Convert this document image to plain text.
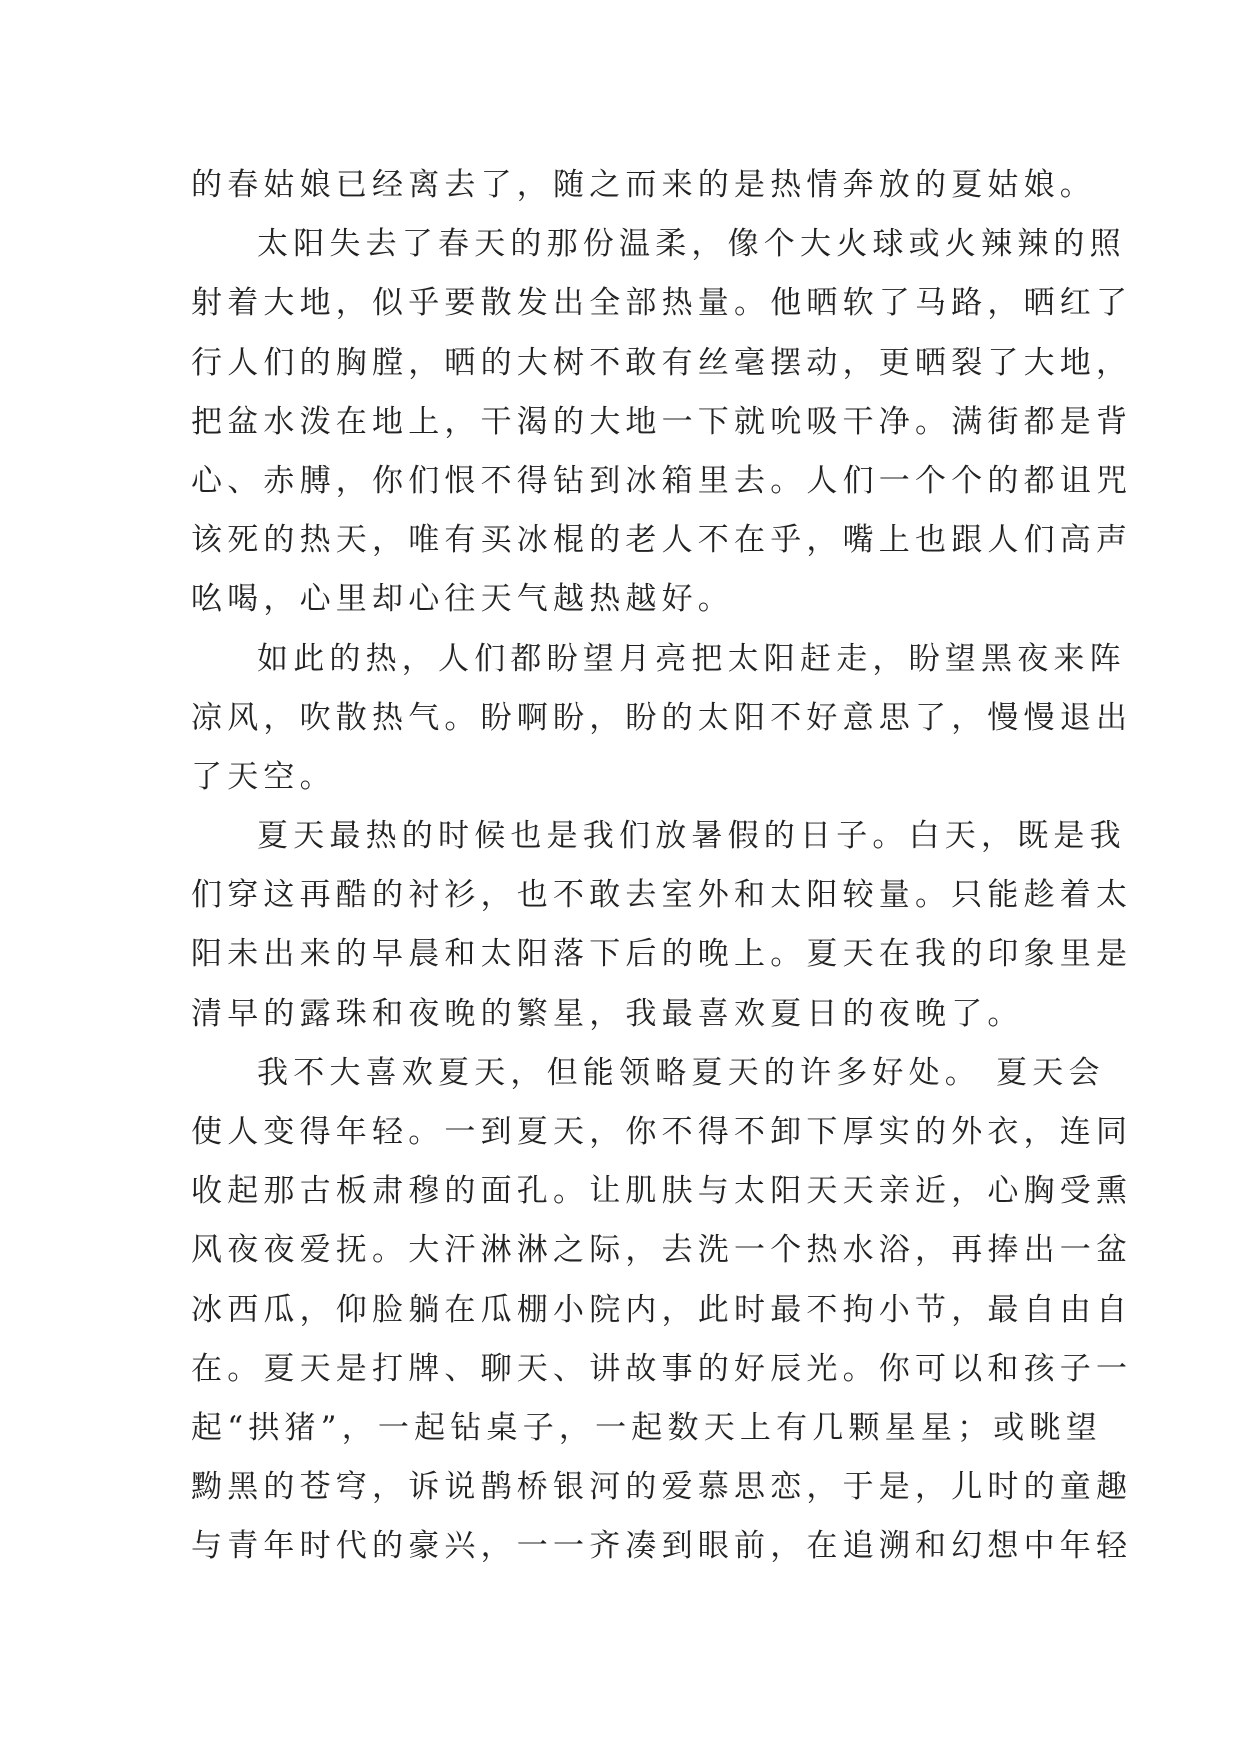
的春姑娘已经离去了，随之而来的是热情奔放的夏姑娘。

太阳失去了春天的那份温柔，像个大火球或火辣辣的照
射着大地，似乎要散发出全部热量。他晒软了马路，晒红了
行人们的胸膛，晒的大树不敢有丝毫摆动，更晒裂了大地，
把盆水泼在地上，干渴的大地一下就吮吸干净。满街都是背
心、赤膊，你们恨不得钻到冰箱里去。人们一个个的都诅咒
该死的热天，唯有买冰棍的老人不在乎，嘴上也跟人们高声
吆喝，心里却心往天气越热越好。

如此的热，人们都盼望月亮把太阳赶走，盼望黑夜来阵
凉风，吹散热气。盼啊盼，盼的太阳不好意思了，慢慢退出
了天空。

夏天最热的时候也是我们放暑假的日子。白天，既是我
们穿这再酷的衬衫，也不敢去室外和太阳较量。只能趁着太
阳未出来的早晨和太阳落下后的晚上。夏天在我的印象里是
清早的露珠和夜晚的繁星，我最喜欢夏日的夜晚了。

我不大喜欢夏天，但能领略夏天的许多好处。 夏天会
使人变得年轻。一到夏天，你不得不卸下厚实的外衣，连同
收起那古板肃穆的面孔。让肌肤与太阳天天亲近，心胸受熏
风夜夜爱抚。大汗淋淋之际，去洗一个热水浴，再捧出一盆
冰西瓜，仰脸躺在瓜棚小院内，此时最不拘小节，最自由自
在。夏天是打牌、聊天、讲故事的好辰光。你可以和孩子一
起“拱猪”，一起钻桌子，一起数天上有几颗星星；或眺望
黝黑的苍穹，诉说鹊桥银河的爱慕思恋，于是，儿时的童趣
与青年时代的豪兴，一一齐凑到眼前，在追溯和幻想中年轻
